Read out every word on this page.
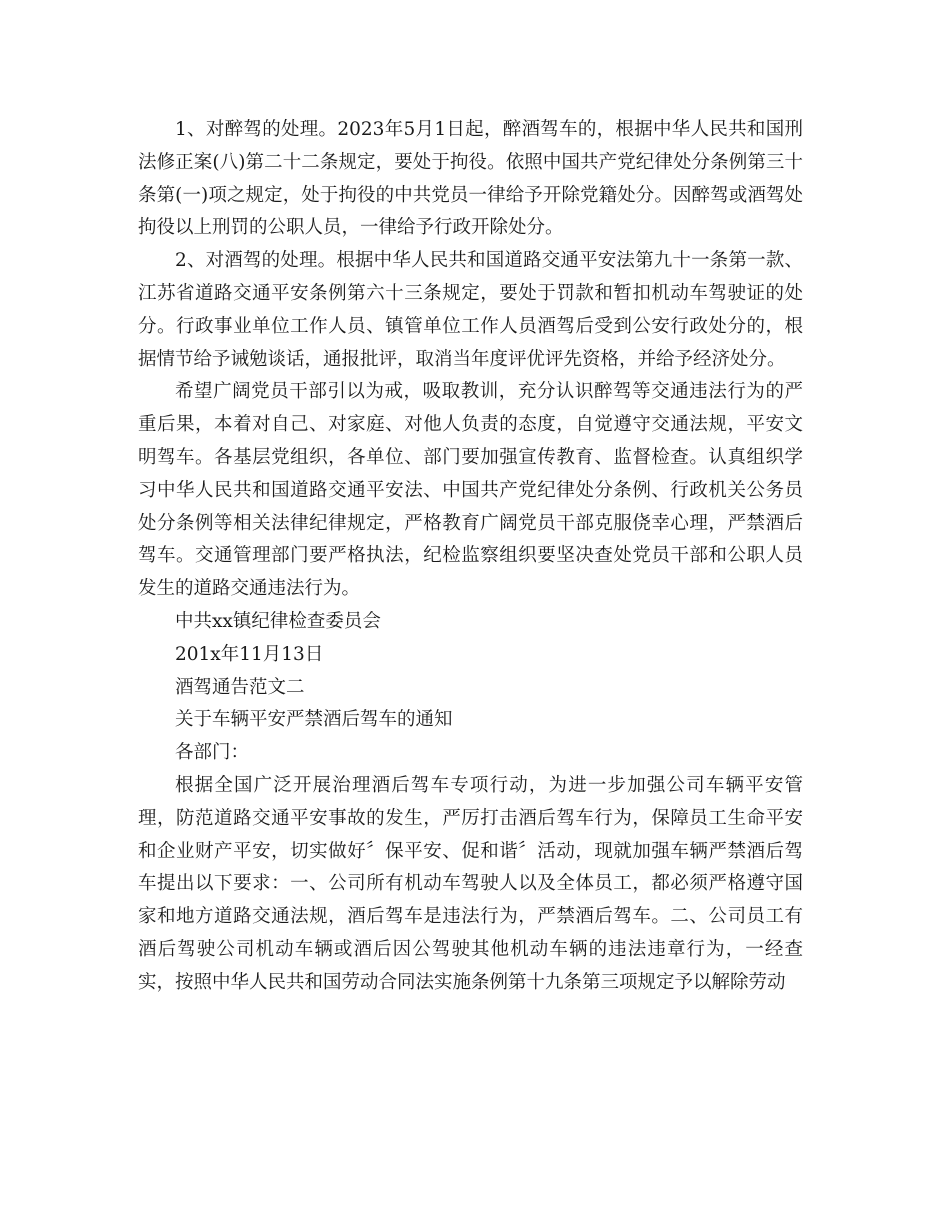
1、对醉驾的处理。2023年5月1日起，醉酒驾车的，根据中华人民共和国刑法修正案(八)第二十二条规定，要处于拘役。依照中国共产党纪律处分条例第三十条第(一)项之规定，处于拘役的中共党员一律给予开除党籍处分。因醉驾或酒驾处拘役以上刑罚的公职人员，一律给予行政开除处分。

2、对酒驾的处理。根据中华人民共和国道路交通平安法第九十一条第一款、江苏省道路交通平安条例第六十三条规定，要处于罚款和暂扣机动车驾驶证的处分。行政事业单位工作人员、镇管单位工作人员酒驾后受到公安行政处分的，根据情节给予诫勉谈话，通报批评，取消当年度评优评先资格，并给予经济处分。

希望广阔党员干部引以为戒，吸取教训，充分认识醉驾等交通违法行为的严重后果，本着对自己、对家庭、对他人负责的态度，自觉遵守交通法规，平安文明驾车。各基层党组织，各单位、部门要加强宣传教育、监督检查。认真组织学习中华人民共和国道路交通平安法、中国共产党纪律处分条例、行政机关公务员处分条例等相关法律纪律规定，严格教育广阔党员干部克服侥幸心理，严禁酒后驾车。交通管理部门要严格执法，纪检监察组织要坚决查处党员干部和公职人员发生的道路交通违法行为。

中共xx镇纪律检查委员会

201x年11月13日

酒驾通告范文二

关于车辆平安严禁酒后驾车的通知

各部门：

根据全国广泛开展治理酒后驾车专项行动，为进一步加强公司车辆平安管理，防范道路交通平安事故的发生，严厉打击酒后驾车行为，保障员工生命平安和企业财产平安，切实做好〞保平安、促和谐〞活动，现就加强车辆严禁酒后驾车提出以下要求：一、公司所有机动车驾驶人以及全体员工，都必须严格遵守国家和地方道路交通法规，酒后驾车是违法行为，严禁酒后驾车。二、公司员工有酒后驾驶公司机动车辆或酒后因公驾驶其他机动车辆的违法违章行为，一经查实，按照中华人民共和国劳动合同法实施条例第十九条第三项规定予以解除劳动
